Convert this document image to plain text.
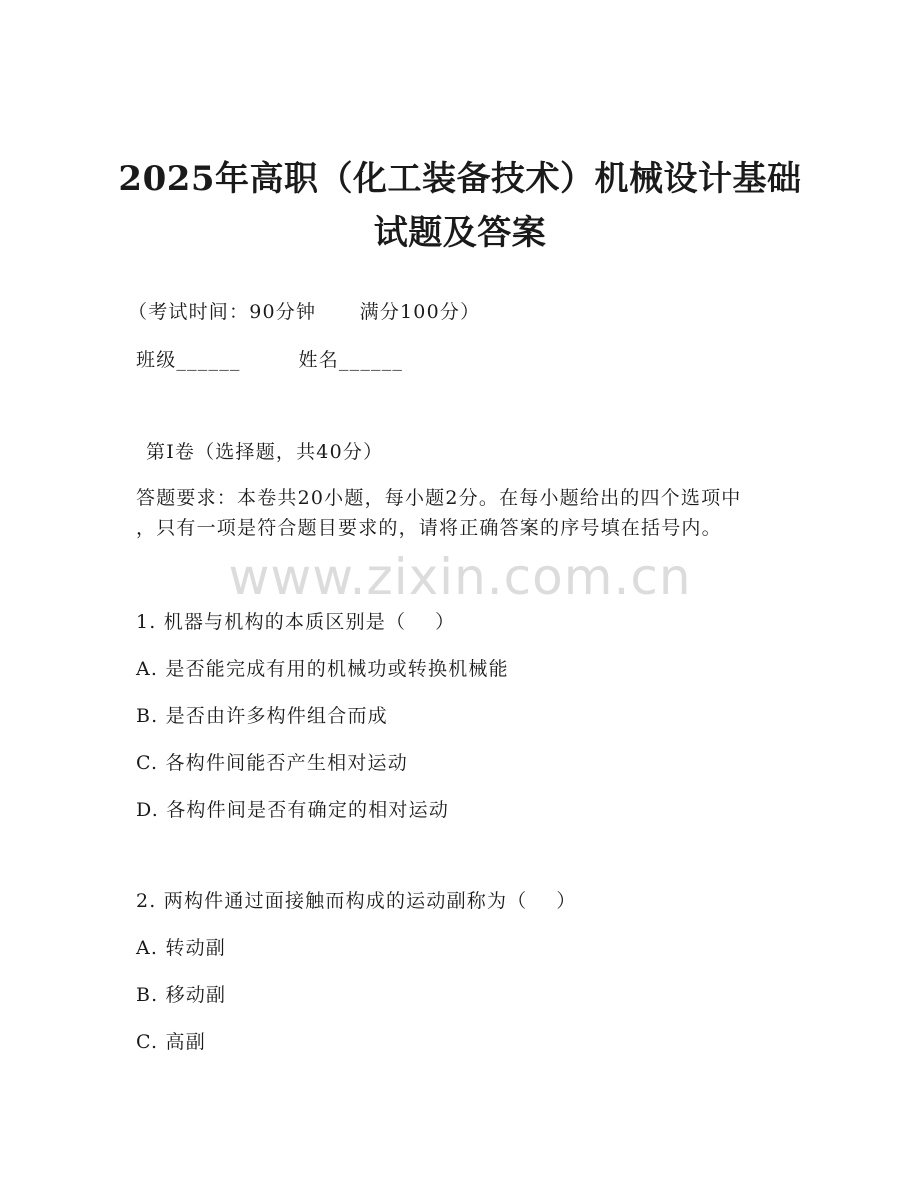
2025年高职（化工装备技术）机械设计基础
试题及答案
（考试时间：90分钟      满分100分）
班级______        姓名______
第I卷（选择题，共40分）
答题要求：本卷共20小题，每小题2分。在每小题给出的四个选项中
，只有一项是符合题目要求的，请将正确答案的序号填在括号内。
www.zixin.com.cn
1. 机器与机构的本质区别是（    ）
A. 是否能完成有用的机械功或转换机械能
B. 是否由许多构件组合而成
C. 各构件间能否产生相对运动
D. 各构件间是否有确定的相对运动
2. 两构件通过面接触而构成的运动副称为（    ）
A. 转动副
B. 移动副
C. 高副
